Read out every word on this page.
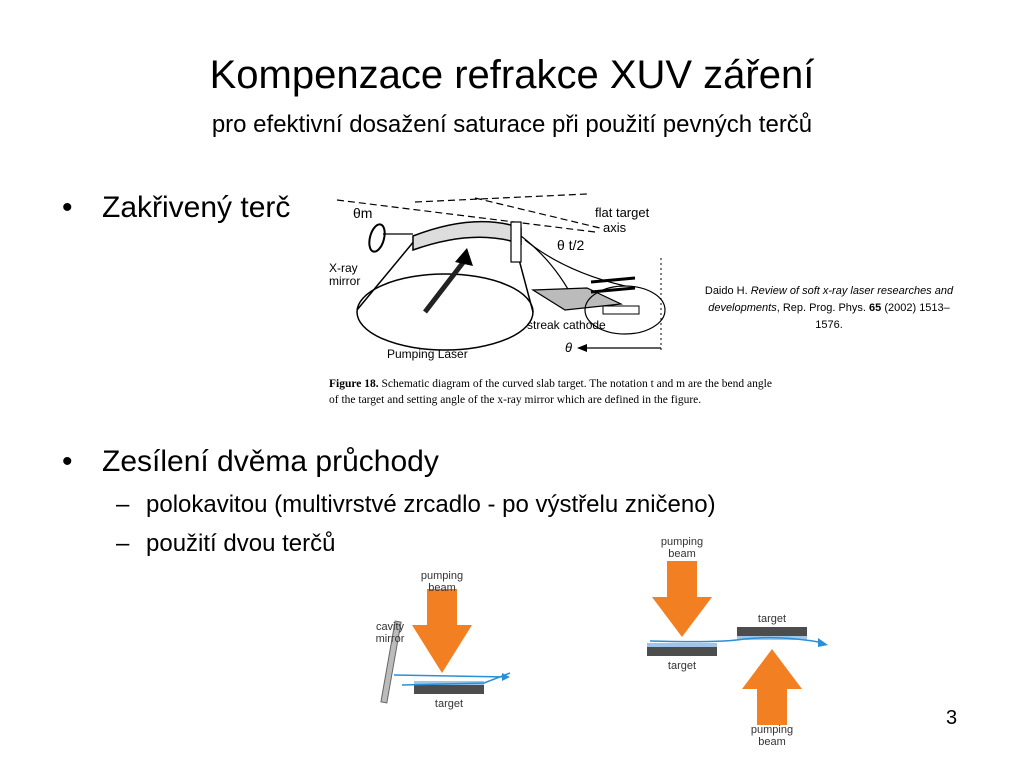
Kompenzace refrakce XUV záření
pro efektivní dosažení saturace při použití pevných terčů
• Zakřivený terč
• Zesílení dvěma průchody
– polokavitou (multivrstvé zrcadlo - po výstřelu zničeno)
– použití dvou terčů
θm	flat target
axis
θ t/2
X-ray
mirror
streak cathode
Pumping Laser	θ
Figure 18. Schematic diagram of the curved slab target. The notation t and m are the bend angle
of the target and setting angle of the x-ray mirror which are defined in the figure.
Daido H. Review of soft x-ray laser researches and developments, Rep. Prog. Phys. 65 (2002) 1513–1576.
pumping
beam
cavity
mirror
target
pumping
beam
target
target
pumping
beam
3
